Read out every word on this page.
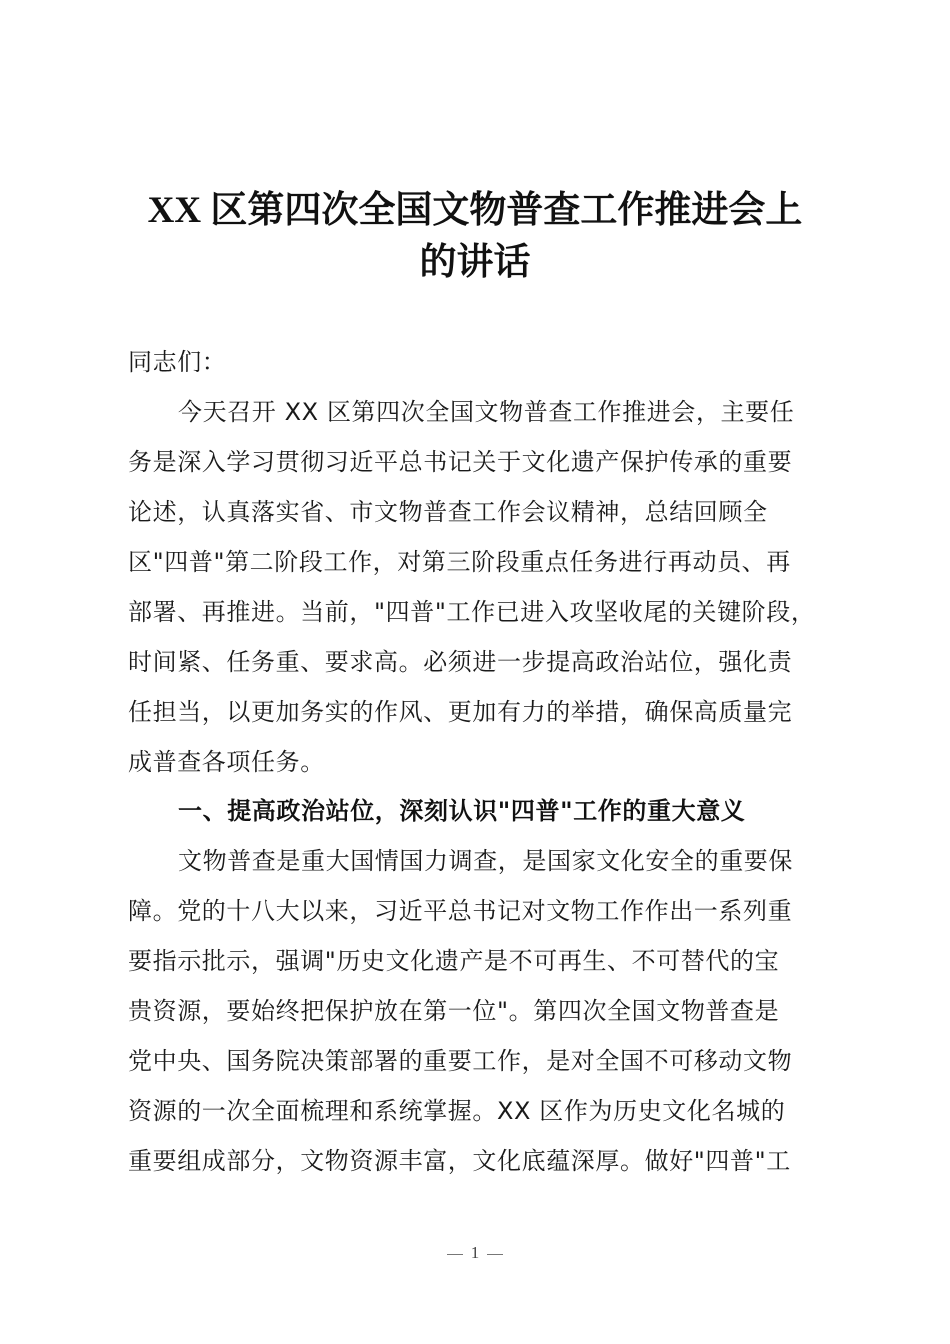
XX 区第四次全国文物普查工作推进会上
的讲话
同志们：
今天召开 XX 区第四次全国文物普查工作推进会，主要任
务是深入学习贯彻习近平总书记关于文化遗产保护传承的重要
论述，认真落实省、市文物普查工作会议精神，总结回顾全
区"四普"第二阶段工作，对第三阶段重点任务进行再动员、再
部署、再推进。当前，"四普"工作已进入攻坚收尾的关键阶段，
时间紧、任务重、要求高。必须进一步提高政治站位，强化责
任担当，以更加务实的作风、更加有力的举措，确保高质量完
成普查各项任务。
一、提高政治站位，深刻认识"四普"工作的重大意义
文物普查是重大国情国力调查，是国家文化安全的重要保
障。党的十八大以来，习近平总书记对文物工作作出一系列重
要指示批示，强调"历史文化遗产是不可再生、不可替代的宝
贵资源，要始终把保护放在第一位"。第四次全国文物普查是
党中央、国务院决策部署的重要工作，是对全国不可移动文物
资源的一次全面梳理和系统掌握。XX 区作为历史文化名城的
重要组成部分，文物资源丰富，文化底蕴深厚。做好"四普"工
1
